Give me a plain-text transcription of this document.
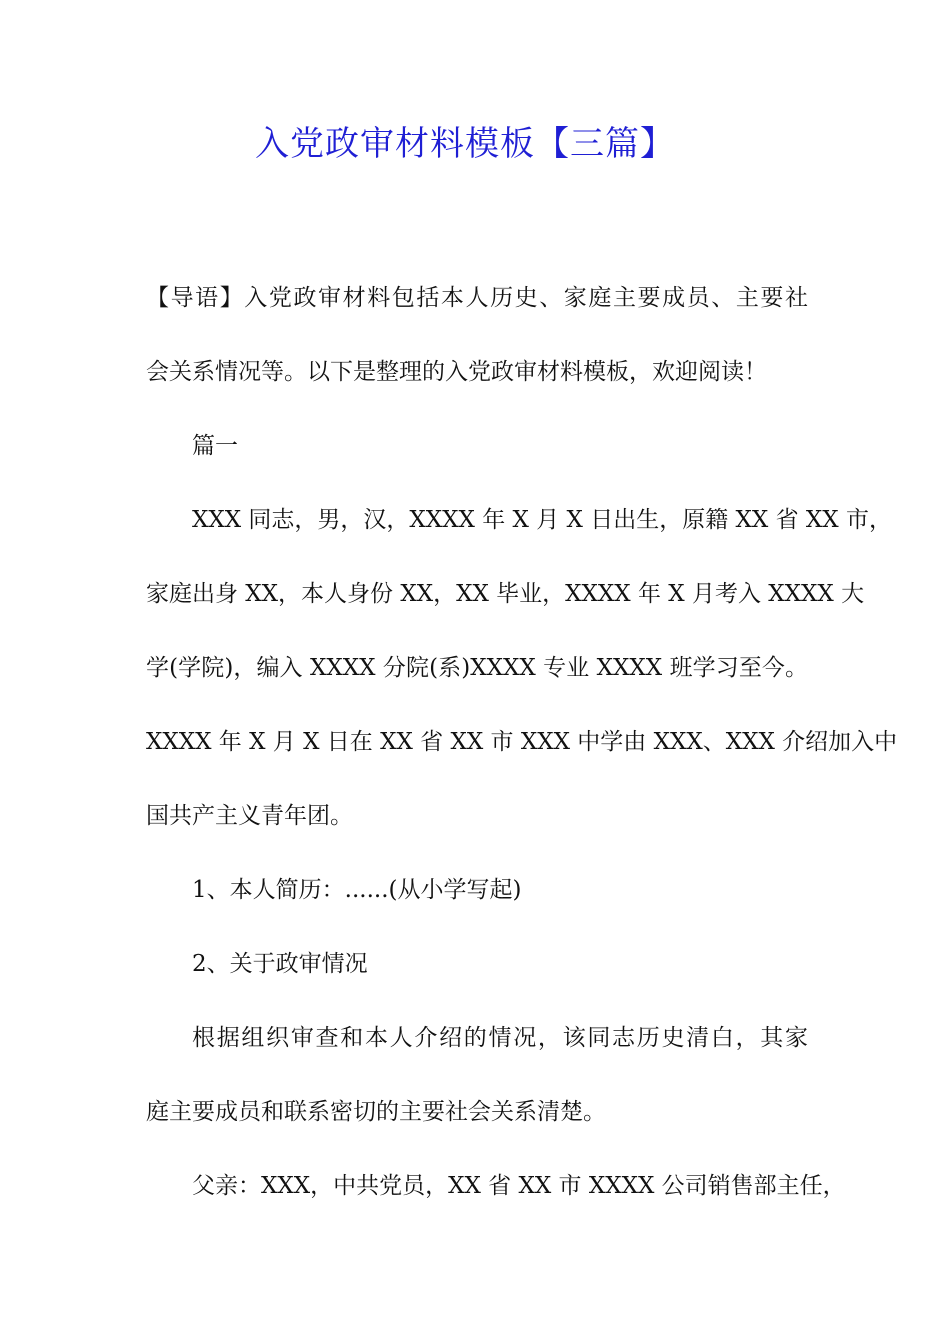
入党政审材料模板【三篇】
【导语】入党政审材料包括本人历史、家庭主要成员、主要社
会关系情况等。以下是整理的入党政审材料模板，欢迎阅读！
篇一
XXX 同志，男，汉，XXXX 年 X 月 X 日出生，原籍 XX 省 XX 市，
家庭出身 XX，本人身份 XX，XX 毕业，XXXX 年 X 月考入 XXXX 大
学(学院)，编入 XXXX 分院(系)XXXX 专业 XXXX 班学习至今。
XXXX 年 X 月 X 日在 XX 省 XX 市 XXX 中学由 XXX、XXX 介绍加入中
国共产主义青年团。
1、本人简历：......(从小学写起)
2、关于政审情况
根据组织审查和本人介绍的情况，该同志历史清白，其家
庭主要成员和联系密切的主要社会关系清楚。
父亲：XXX，中共党员，XX 省 XX 市 XXXX 公司销售部主任，
